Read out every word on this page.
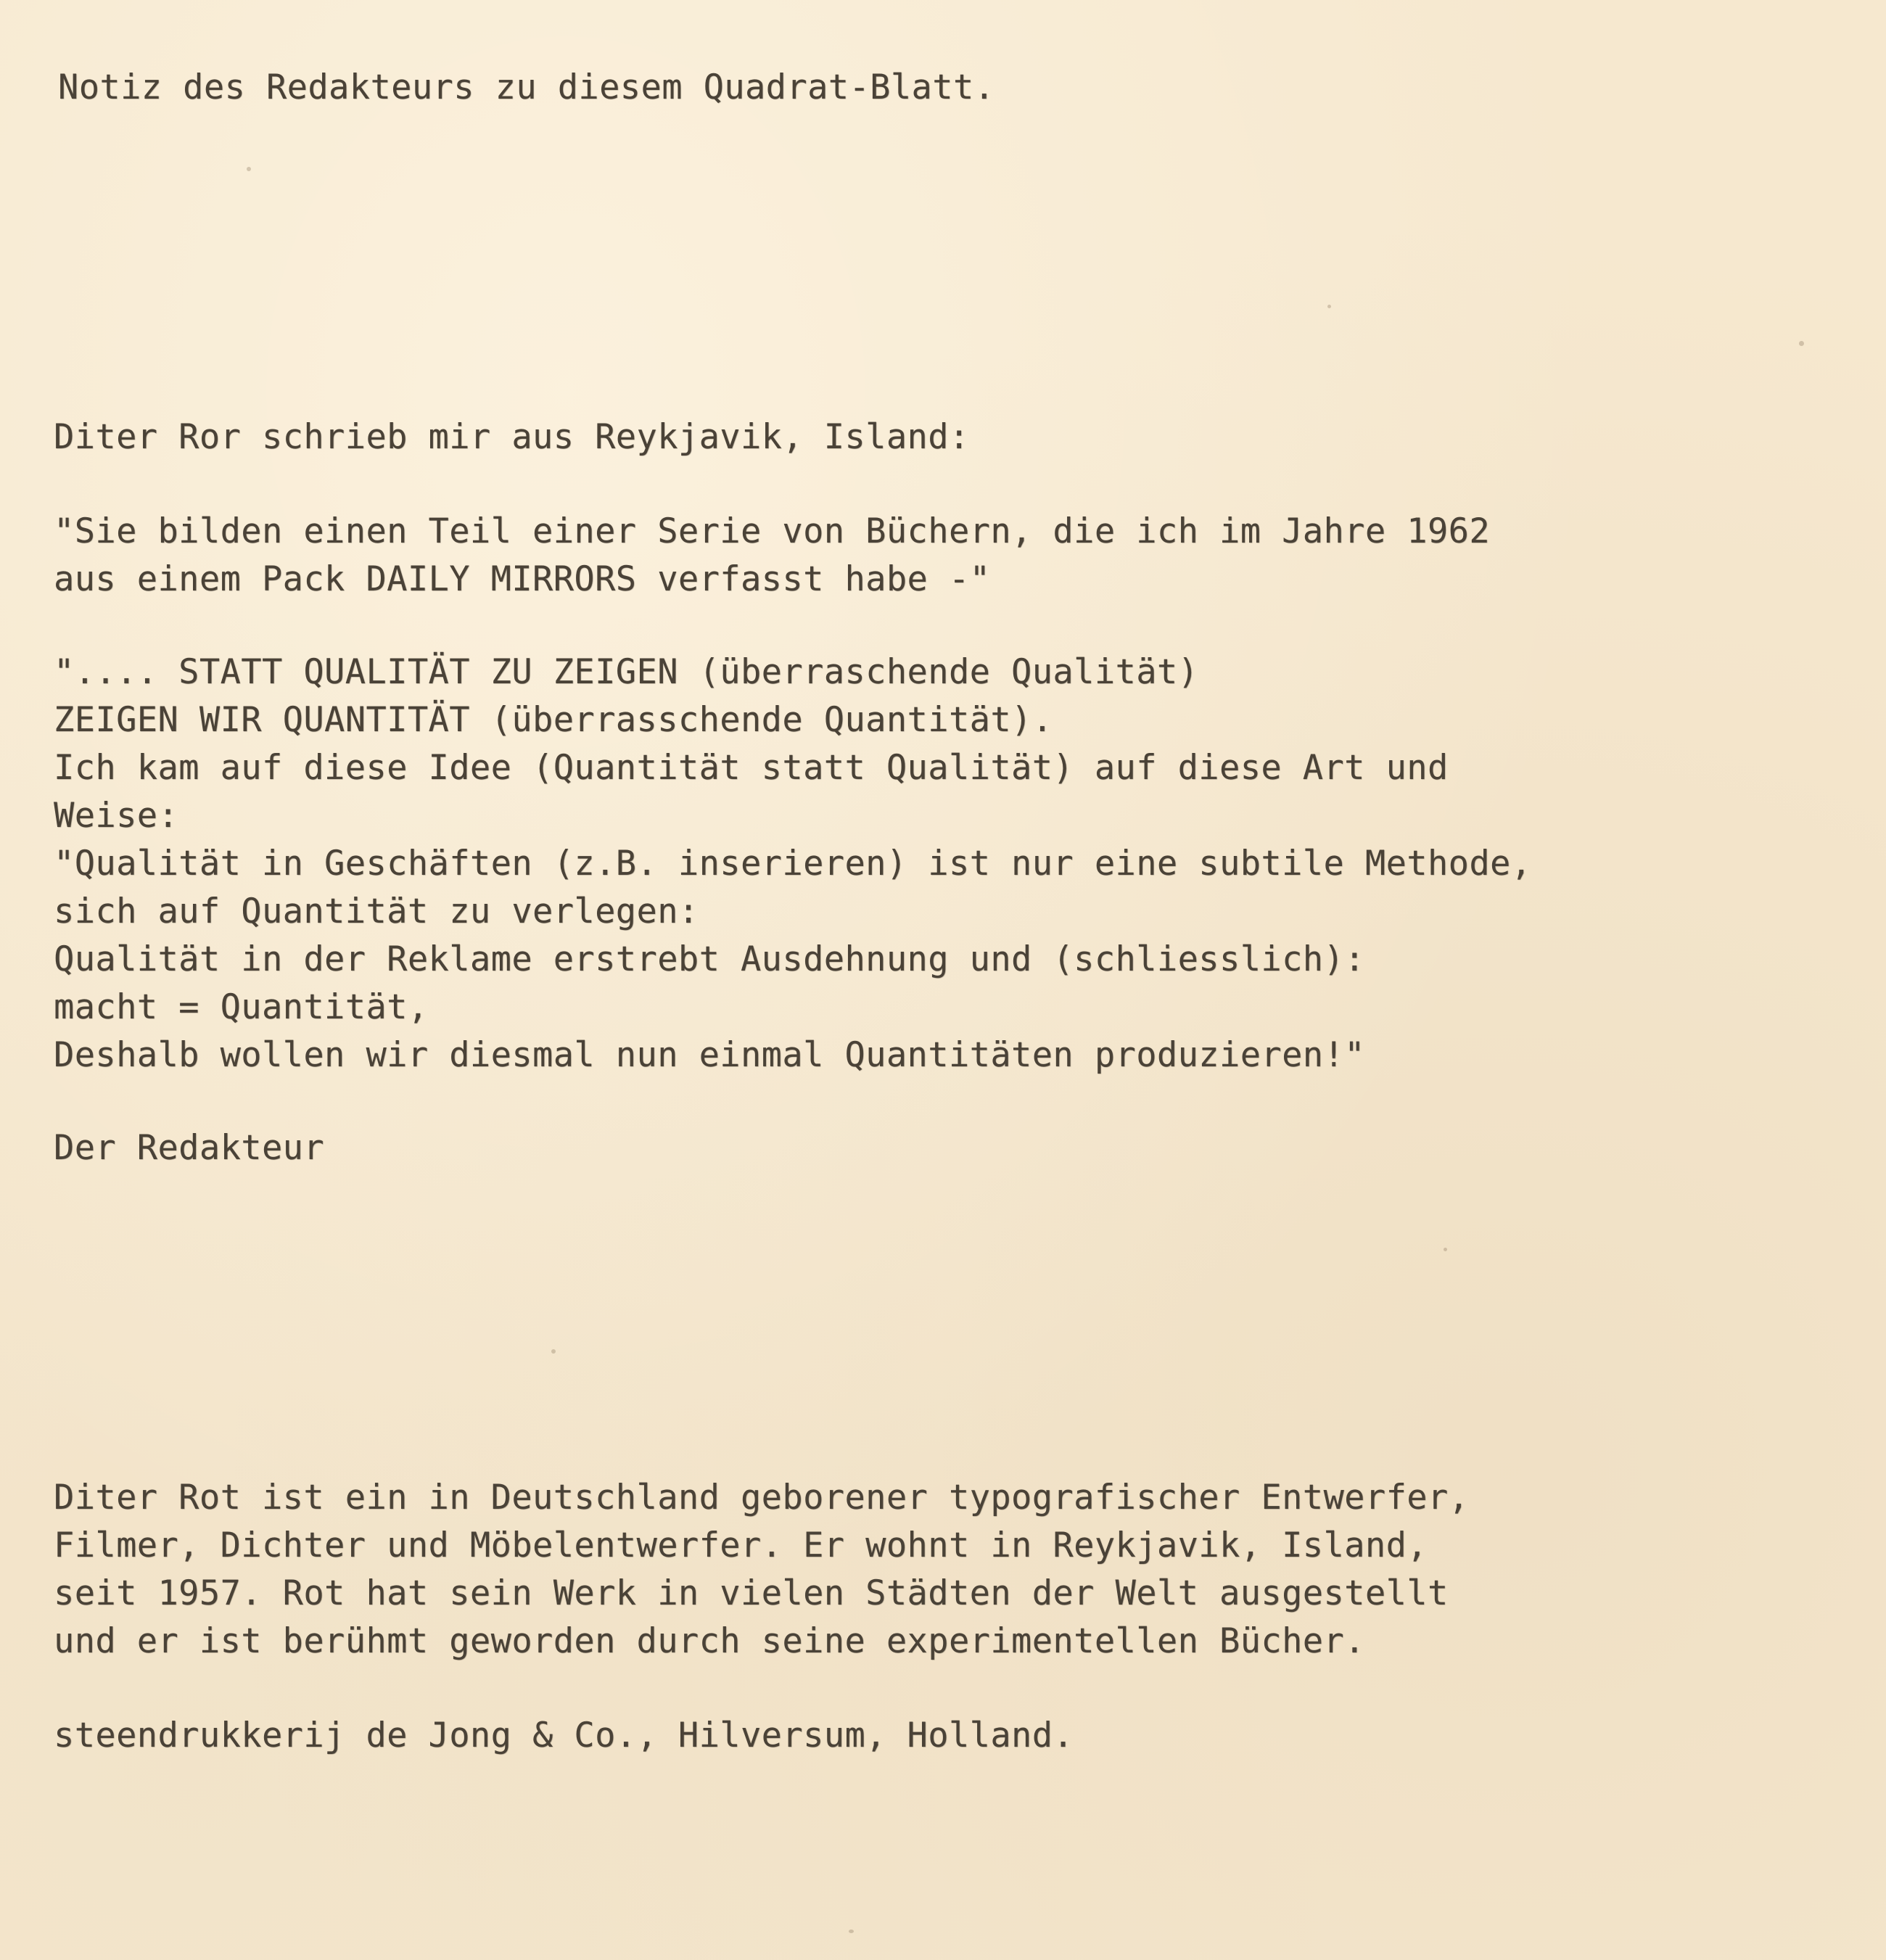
Notiz des Redakteurs zu diesem Quadrat-Blatt.

Diter Ror schrieb mir aus Reykjavik, Island:

"Sie bilden einen Teil einer Serie von Büchern, die ich im Jahre 1962

aus einem Pack DAILY MIRRORS verfasst habe -"

".... STATT QUALITÄT ZU ZEIGEN (überraschende Qualität)

ZEIGEN WIR QUANTITÄT (überrasschende Quantität).

Ich kam auf diese Idee (Quantität statt Qualität) auf diese Art und

Weise:

"Qualität in Geschäften (z.B. inserieren) ist nur eine subtile Methode,

sich auf Quantität zu verlegen:

Qualität in der Reklame erstrebt Ausdehnung und (schliesslich):

macht = Quantität,

Deshalb wollen wir diesmal nun einmal Quantitäten produzieren!"

Der Redakteur

Diter Rot ist ein in Deutschland geborener typografischer Entwerfer,

Filmer, Dichter und Möbelentwerfer. Er wohnt in Reykjavik, Island,

seit 1957. Rot hat sein Werk in vielen Städten der Welt ausgestellt

und er ist berühmt geworden durch seine experimentellen Bücher.

steendrukkerij de Jong & Co., Hilversum, Holland.
